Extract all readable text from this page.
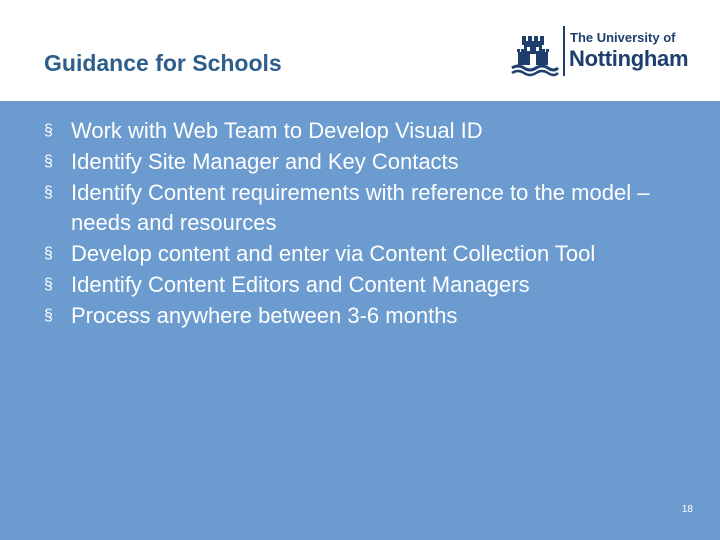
Guidance for Schools
The University of
Nottingham
§ Work with Web Team to Develop Visual ID
§ Identify Site Manager and Key Contacts
§ Identify Content requirements with reference to the model – needs and resources
§ Develop content and enter via Content Collection Tool
§ Identify Content Editors and Content Managers
§ Process anywhere between 3-6 months
18
